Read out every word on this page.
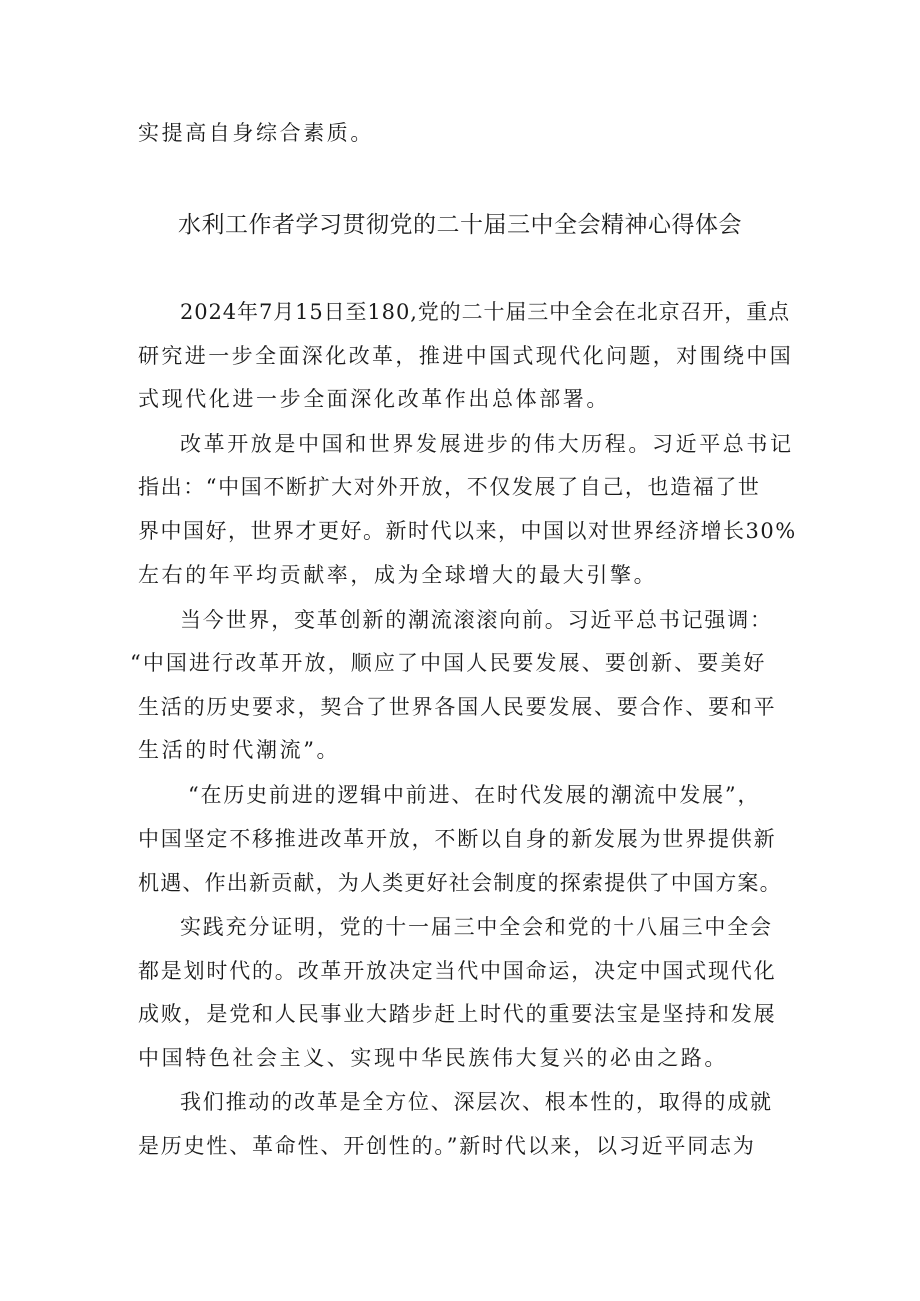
实提高自身综合素质。
水利工作者学习贯彻党的二十届三中全会精神心得体会
2024年7月15日至180,党的二十届三中全会在北京召开，重点
研究进一步全面深化改革，推进中国式现代化问题，对围绕中国
式现代化进一步全面深化改革作出总体部署。
改革开放是中国和世界发展进步的伟大历程。习近平总书记
指出：“中国不断扩大对外开放，不仅发展了自己，也造福了世
界中国好，世界才更好。新时代以来，中国以对世界经济增长30%
左右的年平均贡献率，成为全球增大的最大引擎。
当今世界，变革创新的潮流滚滚向前。习近平总书记强调：
“中国进行改革开放，顺应了中国人民要发展、要创新、要美好
生活的历史要求，契合了世界各国人民要发展、要合作、要和平
生活的时代潮流”。
“在历史前进的逻辑中前进、在时代发展的潮流中发展”，
中国坚定不移推进改革开放，不断以自身的新发展为世界提供新
机遇、作出新贡献，为人类更好社会制度的探索提供了中国方案。
实践充分证明，党的十一届三中全会和党的十八届三中全会
都是划时代的。改革开放决定当代中国命运，决定中国式现代化
成败，是党和人民事业大踏步赶上时代的重要法宝是坚持和发展
中国特色社会主义、实现中华民族伟大复兴的必由之路。
我们推动的改革是全方位、深层次、根本性的，取得的成就
是历史性、革命性、开创性的。”新时代以来，以习近平同志为
